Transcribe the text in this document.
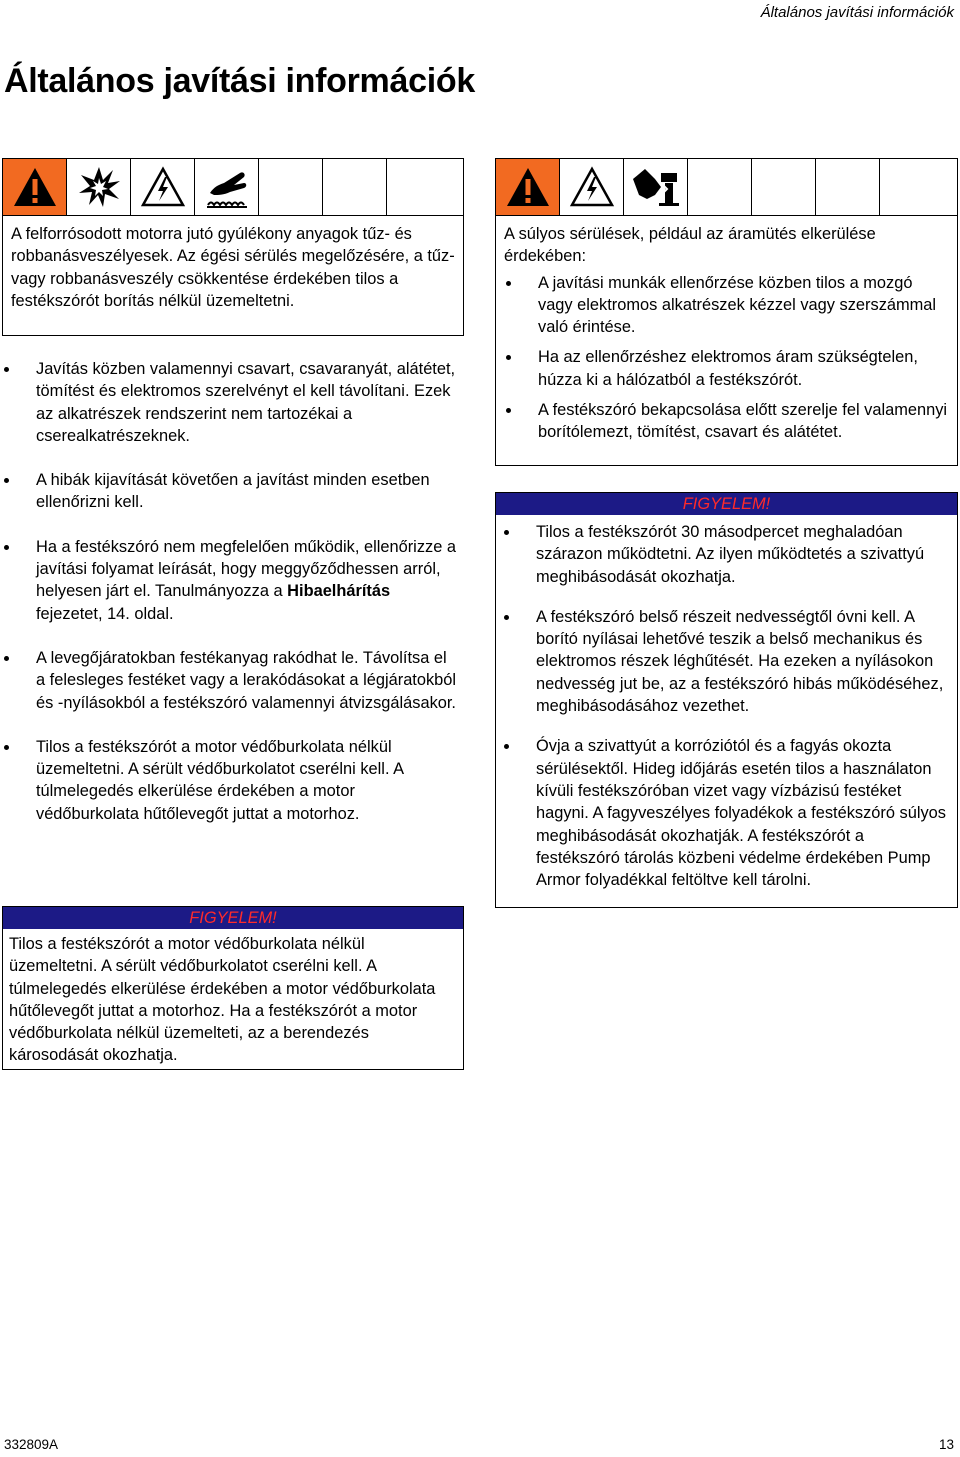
Általános javítási információk
Általános javítási információk
A felforrósodott motorra jutó gyúlékony anyagok tűz- és robbanásveszélyesek. Az égési sérülés megelőzésére, a tűz- vagy robbanásveszély csökkentése érdekében tilos a festékszórót borítás nélkül üzemeltetni.
Javítás közben valamennyi csavart, csavaranyát, alátétet, tömítést és elektromos szerelvényt el kell távolítani. Ezek az alkatrészek rendszerint nem tartozékai a cserealkatrészeknek.
A hibák kijavítását követően a javítást minden esetben ellenőrizni kell.
Ha a festékszóró nem megfelelően működik, ellenőrizze a javítási folyamat leírását, hogy meggyőződhessen arról, helyesen járt el. Tanulmányozza a Hibaelhárítás fejezetet, 14. oldal.
A levegőjáratokban festékanyag rakódhat le. Távolítsa el a felesleges festéket vagy a lerakódásokat a légjáratokból és -nyílásokból a festékszóró valamennyi átvizsgálásakor.
Tilos a festékszórót a motor védőburkolata nélkül üzemeltetni. A sérült védőburkolatot cserélni kell. A túlmelegedés elkerülése érdekében a motor védőburkolata hűtőlevegőt juttat a motorhoz.
FIGYELEM!
Tilos a festékszórót a motor védőburkolata nélkül üzemeltetni. A sérült védőburkolatot cserélni kell. A túlmelegedés elkerülése érdekében a motor védőburkolata hűtőlevegőt juttat a motorhoz. Ha a festékszórót a motor védőburkolata nélkül üzemelteti, az a berendezés károsodását okozhatja.
A súlyos sérülések, például az áramütés elkerülése érdekében:
A javítási munkák ellenőrzése közben tilos a mozgó vagy elektromos alkatrészek kézzel vagy szerszámmal való érintése.
Ha az ellenőrzéshez elektromos áram szükségtelen, húzza ki a hálózatból a festékszórót.
A festékszóró bekapcsolása előtt szerelje fel valamennyi borítólemezt, tömítést, csavart és alátétet.
FIGYELEM!
Tilos a festékszórót 30 másodpercet meghaladóan szárazon működtetni. Az ilyen működtetés a szivattyú meghibásodását okozhatja.
A festékszóró belső részeit nedvességtől óvni kell. A borító nyílásai lehetővé teszik a belső mechanikus és elektromos részek léghűtését. Ha ezeken a nyílásokon nedvesség jut be, az a festékszóró hibás működéséhez, meghibásodásához vezethet.
Óvja a szivattyút a korróziótól és a fagyás okozta sérülésektől. Hideg időjárás esetén tilos a használaton kívüli festékszóróban vizet vagy vízbázisú festéket hagyni. A fagyveszélyes folyadékok a festékszóró súlyos meghibásodását okozhatják. A festékszórót a festékszóró tárolás közbeni védelme érdekében Pump Armor folyadékkal feltöltve kell tárolni.
332809A	13
